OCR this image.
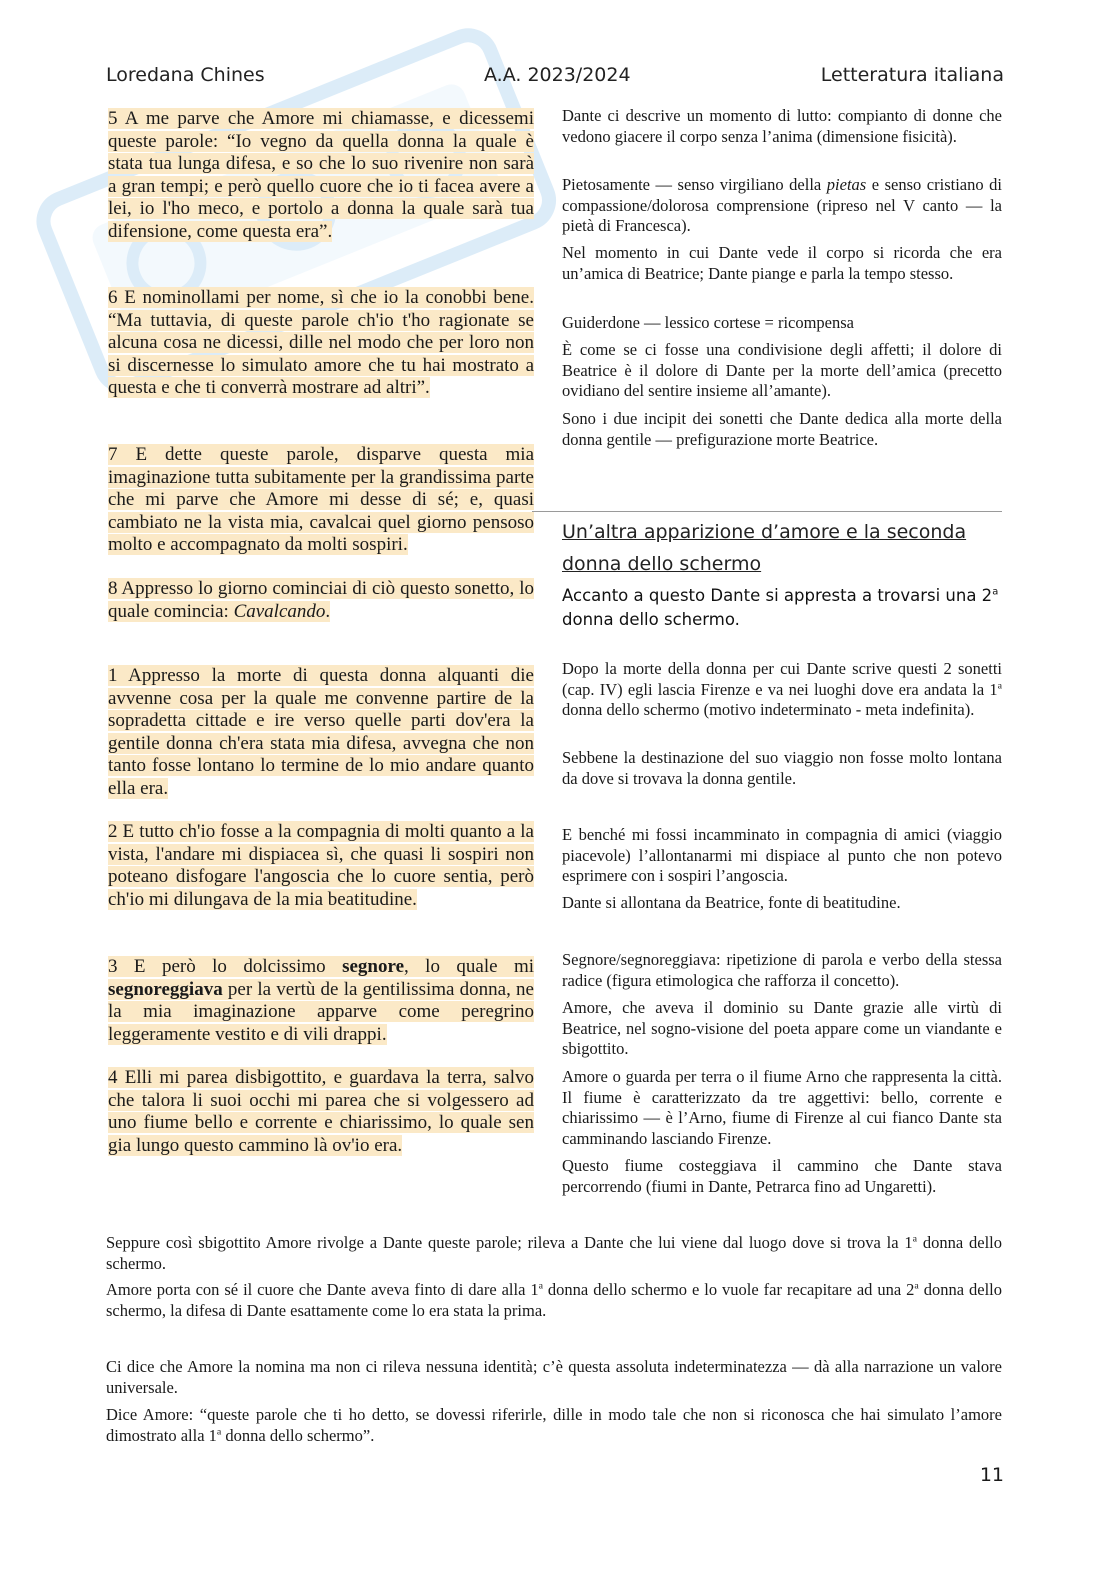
Loredana Chines	A.A. 2023/2024	Letteratura italiana

5 A me parve che Amore mi chiamasse, e dicessemi queste parole: “Io vegno da quella donna la quale è stata tua lunga difesa, e so che lo suo rivenire non sarà a gran tempi; e però quello cuore che io ti facea avere a lei, io l'ho meco, e portolo a donna la quale sarà tua difensione, come questa era”.

6 E nominollami per nome, sì che io la conobbi bene. “Ma tuttavia, di queste parole ch'io t'ho ragionate se alcuna cosa ne dicessi, dille nel modo che per loro non si discernesse lo simulato amore che tu hai mostrato a questa e che ti converrà mostrare ad altri”.

7 E dette queste parole, disparve questa mia imaginazione tutta subitamente per la grandissima parte che mi parve che Amore mi desse di sé; e, quasi cambiato ne la vista mia, cavalcai quel giorno pensoso molto e accompagnato da molti sospiri.

8 Appresso lo giorno cominciai di ciò questo sonetto, lo quale comincia: Cavalcando.

1 Appresso la morte di questa donna alquanti die avvenne cosa per la quale me convenne partire de la sopradetta cittade e ire verso quelle parti dov'era la gentile donna ch'era stata mia difesa, avvegna che non tanto fosse lontano lo termine de lo mio andare quanto ella era.

2 E tutto ch'io fosse a la compagnia di molti quanto a la vista, l'andare mi dispiacea sì, che quasi li sospiri non poteano disfogare l'angoscia che lo cuore sentia, però ch'io mi dilungava de la mia beatitudine.

3 E però lo dolcissimo segnore, lo quale mi segnoreggiava per la vertù de la gentilissima donna, ne la mia imaginazione apparve come peregrino leggeramente vestito e di vili drappi.

4 Elli mi parea disbigottito, e guardava la terra, salvo che talora li suoi occhi mi parea che si volgessero ad uno fiume bello e corrente e chiarissimo, lo quale sen gia lungo questo cammino là ov'io era.

Dante ci descrive un momento di lutto: compianto di donne che vedono giacere il corpo senza l’anima (dimensione fisicità).

Pietosamente — senso virgiliano della pietas e senso cristiano di compassione/dolorosa comprensione (ripreso nel V canto — la pietà di Francesca).

Nel momento in cui Dante vede il corpo si ricorda che era un’amica di Beatrice; Dante piange e parla la tempo stesso.

Guiderdone — lessico cortese = ricompensa

È come se ci fosse una condivisione degli affetti; il dolore di Beatrice è il dolore di Dante per la morte dell’amica (precetto ovidiano del sentire insieme all’amante).

Sono i due incipit dei sonetti che Dante dedica alla morte della donna gentile — prefigurazione morte Beatrice.

Un’altra apparizione d’amore e la seconda donna dello schermo

Accanto a questo Dante si appresta a trovarsi una 2$^a$ donna dello schermo.

Dopo la morte della donna per cui Dante scrive questi 2 sonetti (cap. IV) egli lascia Firenze e va nei luoghi dove era andata la 1$^a$ donna dello schermo (motivo indeterminato - meta indefinita).

Sebbene la destinazione del suo viaggio non fosse molto lontana da dove si trovava la donna gentile.

E benché mi fossi incamminato in compagnia di amici (viaggio piacevole) l’allontanarmi mi dispiace al punto che non potevo esprimere con i sospiri l’angoscia.

Dante si allontana da Beatrice, fonte di beatitudine.

Segnore/segnoreggiava: ripetizione di parola e verbo della stessa radice (figura etimologica che rafforza il concetto).

Amore, che aveva il dominio su Dante grazie alle virtù di Beatrice, nel sogno-visione del poeta appare come un viandante e sbigottito.

Amore o guarda per terra o il fiume Arno che rappresenta la città. Il fiume è caratterizzato da tre aggettivi: bello, corrente e chiarissimo — è l’Arno, fiume di Firenze al cui fianco Dante sta camminando lasciando Firenze.

Questo fiume costeggiava il cammino che Dante stava percorrendo (fiumi in Dante, Petrarca fino ad Ungaretti).

Seppure così sbigottito Amore rivolge a Dante queste parole; rileva a Dante che lui viene dal luogo dove si trova la 1$^a$ donna dello schermo.

Amore porta con sé il cuore che Dante aveva finto di dare alla 1$^a$ donna dello schermo e lo vuole far recapitare ad una 2$^a$ donna dello schermo, la difesa di Dante esattamente come lo era stata la prima.

Ci dice che Amore la nomina ma non ci rileva nessuna identità; c’è questa assoluta indeterminatezza — dà alla narrazione un valore universale.

Dice Amore: “queste parole che ti ho detto, se dovessi riferirle, dille in modo tale che non si riconosca che hai simulato l’amore dimostrato alla 1$^a$ donna dello schermo”.

11
